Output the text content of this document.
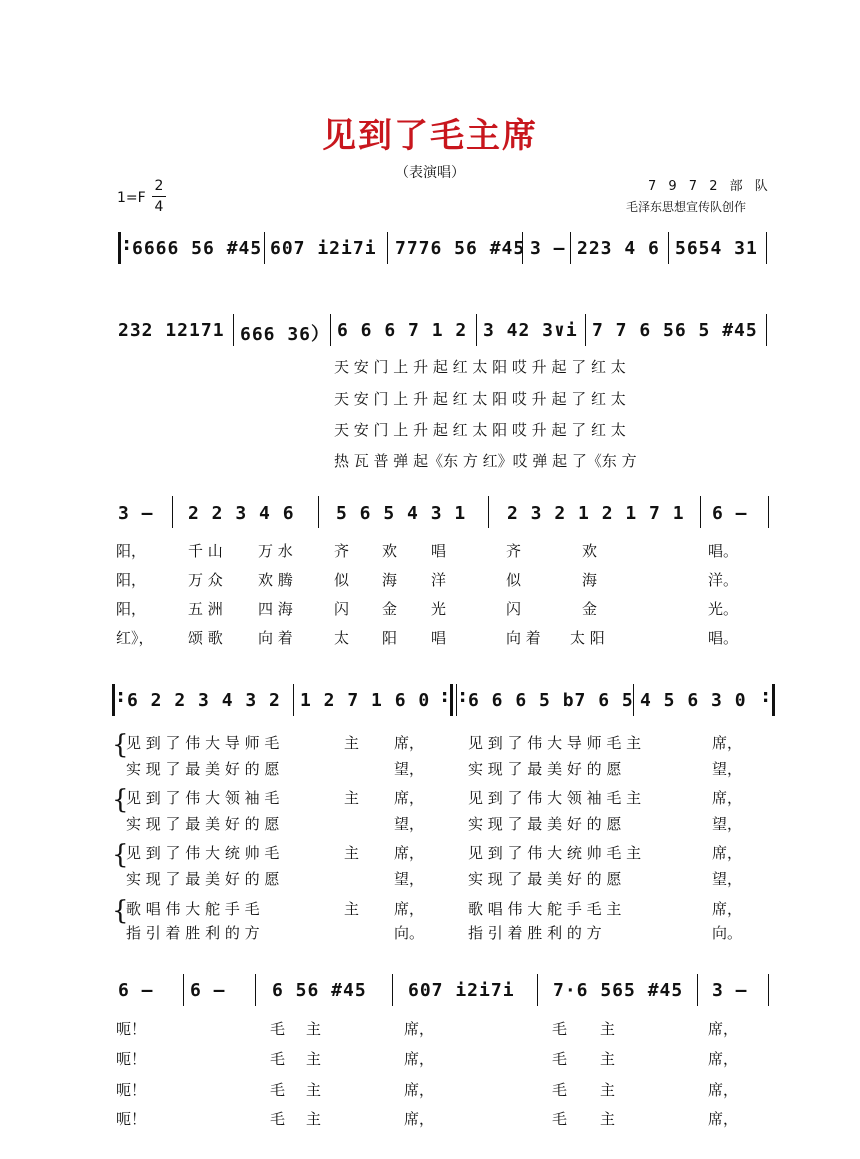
见到了毛主席
（表演唱）
1=F
2
4
7 9 7 2 部 队
毛泽东思想宣传队创作
: 6666 56 #45 607 i2i7i 7776 56 #45 3 – 223 4 6 5654 31
232 12171 666 36） 6 6 6 7 1 2 3 42 3∨i 7 7 6 56 5 #45
天 安 门 上 升 起 红 太 阳 哎 升 起 了 红 太
天 安 门 上 升 起 红 太 阳 哎 升 起 了 红 太
天 安 门 上 升 起 红 太 阳 哎 升 起 了 红 太
热 瓦 普 弹 起《东 方 红》哎 弹 起 了《东 方
3 – 2 2 3 4 6 5 6 5 4 3 1 2 3 2 1 2 1 7 1 6 –
阳，	千 山 万 水	齐 欢 唱	齐	欢	唱。
阳，	万 众 欢 腾	似 海 洋	似	海	洋。
阳，	五 洲 四 海	闪 金 光	闪	金	光。
红》， 颂 歌 向 着	太 阳 唱	向 着 太 阳	唱。
: 6 2 2 3 4 3 2 1 2 7 1 6 0 : : 6 6 6 5 b7 6 5 4 5 6 3 0 :
{
{
{
{
见 到 了 伟 大 导 师 毛	主 席，	见 到 了 伟 大 导 师 毛 主	席，
实 现 了 最 美 好 的 愿	望，	实 现 了 最 美 好 的 愿	望，
见 到 了 伟 大 领 袖 毛	主 席，	见 到 了 伟 大 领 袖 毛 主	席，
实 现 了 最 美 好 的 愿	望，	实 现 了 最 美 好 的 愿	望，
见 到 了 伟 大 统 帅 毛	主 席，	见 到 了 伟 大 统 帅 毛 主	席，
实 现 了 最 美 好 的 愿	望，	实 现 了 最 美 好 的 愿	望，
歌 唱 伟 大 舵 手 毛	主 席，	歌 唱 伟 大 舵 手 毛 主	席，
指 引 着 胜 利 的 方	向。	指 引 着 胜 利 的 方	向。
6 – 6 –	6 56 #45 607 i2i7i 7·6 565 #45 3 –
呃！	毛 主	席，	毛 主	席，
呃！	毛 主	席，	毛 主	席，
呃！	毛 主	席，	毛 主	席，
呃！	毛 主	席，	毛 主	席，
